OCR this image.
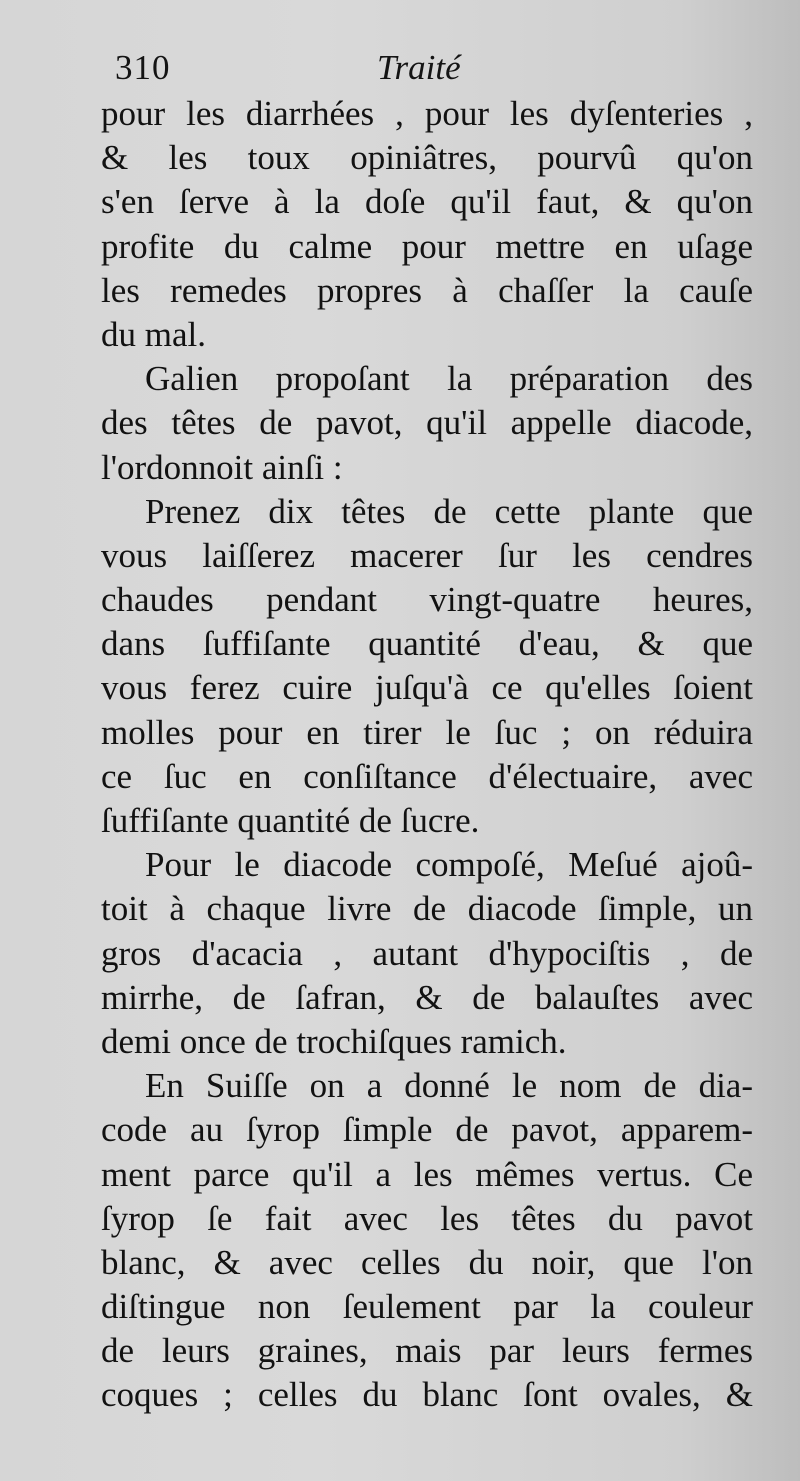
310	Traité
pour les diarrhées , pour les dyſenteries ,
& les toux opiniâtres, pourvû qu'on
s'en ſerve à la doſe qu'il faut, & qu'on
profite du calme pour mettre en uſage
les remedes propres à chaſſer la cauſe
du mal.
Galien propoſant la préparation des
des têtes de pavot, qu'il appelle diacode,
l'ordonnoit ainſi :
Prenez dix têtes de cette plante que
vous laiſſerez macerer ſur les cendres
chaudes pendant vingt-quatre heures,
dans ſuffiſante quantité d'eau, & que
vous ferez cuire juſqu'à ce qu'elles ſoient
molles pour en tirer le ſuc ; on réduira
ce ſuc en conſiſtance d'électuaire, avec
ſuffiſante quantité de ſucre.
Pour le diacode compoſé, Meſué ajoû-
toit à chaque livre de diacode ſimple, un
gros d'acacia , autant d'hypociſtis , de
mirrhe, de ſafran, & de balauſtes avec
demi once de trochiſques ramich.
En Suiſſe on a donné le nom de dia-
code au ſyrop ſimple de pavot, apparem-
ment parce qu'il a les mêmes vertus. Ce
ſyrop ſe fait avec les têtes du pavot
blanc, & avec celles du noir, que l'on
diſtingue non ſeulement par la couleur
de leurs graines, mais par leurs fermes
coques ; celles du blanc ſont ovales, &
